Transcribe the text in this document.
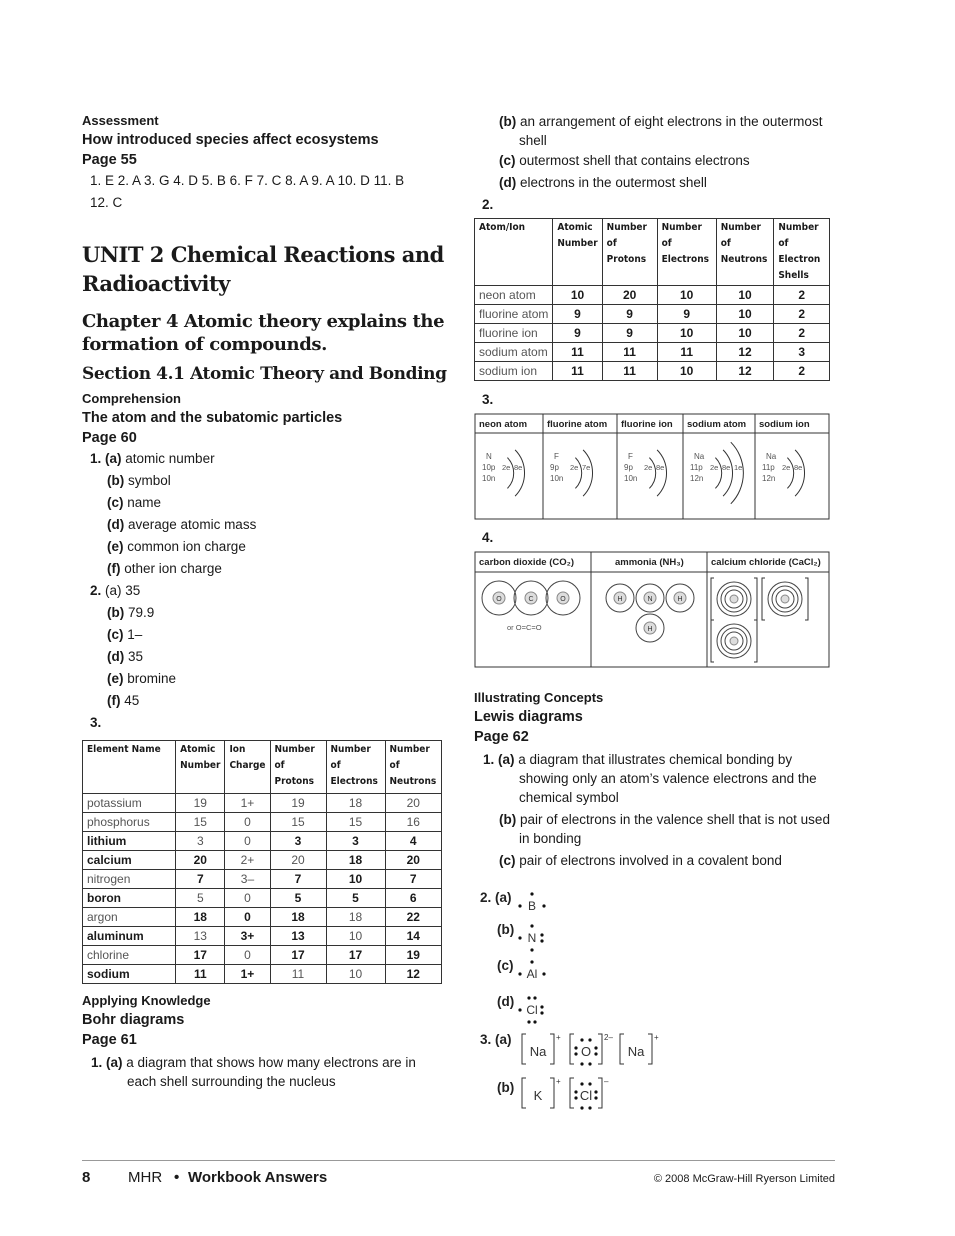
Assessment
How introduced species affect ecosystems
Page 55
1. E 2. A 3. G 4. D 5. B 6. F 7. C 8. A 9. A 10. D 11. B
12. C
UNIT 2 Chemical Reactions and
Radioactivity
Chapter 4 Atomic theory explains the
formation of compounds.
Section 4.1 Atomic Theory and Bonding
Comprehension
The atom and the subatomic particles
Page 60
1. (a) atomic number
(b) symbol
(c) name
(d) average atomic mass
(e) common ion charge
(f) other ion charge
2. (a) 35
(b) 79.9
(c) 1–
(d) 35
(e) bromine
(f) 45
3.
Element Name	Atomic Number	Ion Charge	Number of Protons	Number of Electrons	Number of Neutrons
potassium	19	1+	19	18	20
phosphorus	15	0	15	15	16
lithium	3	0	3	3	4
calcium	20	2+	20	18	20
nitrogen	7	3–	7	10	7
boron	5	0	5	5	6
argon	18	0	18	18	22
aluminum	13	3+	13	10	14
chlorine	17	0	17	17	19
sodium	11	1+	11	10	12
Applying Knowledge
Bohr diagrams
Page 61
1. (a) a diagram that shows how many electrons are in each shell surrounding the nucleus
(b) an arrangement of eight electrons in the outermost shell
(c) outermost shell that contains electrons
(d) electrons in the outermost shell
2.
Atom/Ion	Atomic Number	Number of Protons	Number of Electrons	Number of Neutrons	Number of Electron Shells
neon atom	10	20	10	10	2
fluorine atom	9	9	9	10	2
fluorine ion	9	9	10	10	2
sodium atom	11	11	11	12	3
sodium ion	11	11	10	12	2
3.
neon atom fluorine atom fluorine ion sodium atom sodium ion
N
10p
10n
2e 8e
F
9p
10n
2e 7e
F
9p
10n
2e 8e
Na
11p
12n
2e 8e 1e
Na
11p
12n
2e 8e
4.
carbon dioxide (CO₂)	ammonia (NH₃)	calcium chloride (CaCl₂)
O	C	O
or O=C=O
H	N	H
H
Illustrating Concepts
Lewis diagrams
Page 62
1. (a) a diagram that illustrates chemical bonding by showing only an atom’s valence electrons and the chemical symbol
(b) pair of electrons in the valence shell that is not used in bonding
(c) pair of electrons involved in a covalent bond
2. (a)
B
(b)
N
(c)
Al
(d)
Cl
3. (a)
Na
+
O
2–
Na
+
(b)
K
+
Cl
–
8	MHR • Workbook Answers	© 2008 McGraw-Hill Ryerson Limited
